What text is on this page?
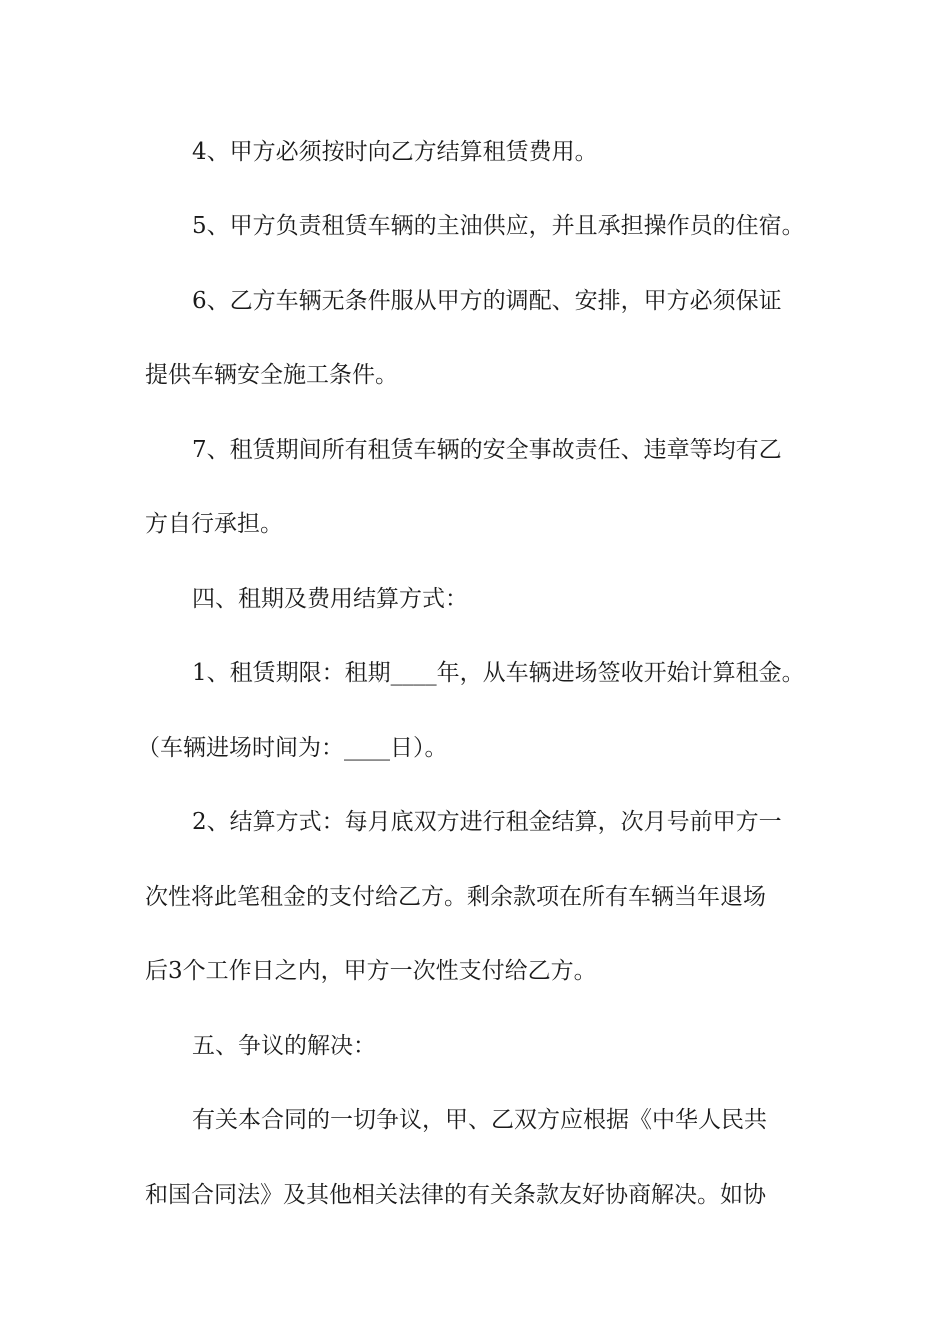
4、甲方必须按时向乙方结算租赁费用。
5、甲方负责租赁车辆的主油供应，并且承担操作员的住宿。
6、乙方车辆无条件服从甲方的调配、安排，甲方必须保证
提供车辆安全施工条件。
7、租赁期间所有租赁车辆的安全事故责任、违章等均有乙
方自行承担。
四、租期及费用结算方式：
1、租赁期限：租期____年，从车辆进场签收开始计算租金。
（车辆进场时间为：____日）。
2、结算方式：每月底双方进行租金结算，次月号前甲方一
次性将此笔租金的支付给乙方。剩余款项在所有车辆当年退场
后3个工作日之内，甲方一次性支付给乙方。
五、争议的解决：
有关本合同的一切争议，甲、乙双方应根据《中华人民共
和国合同法》及其他相关法律的有关条款友好协商解决。如协
